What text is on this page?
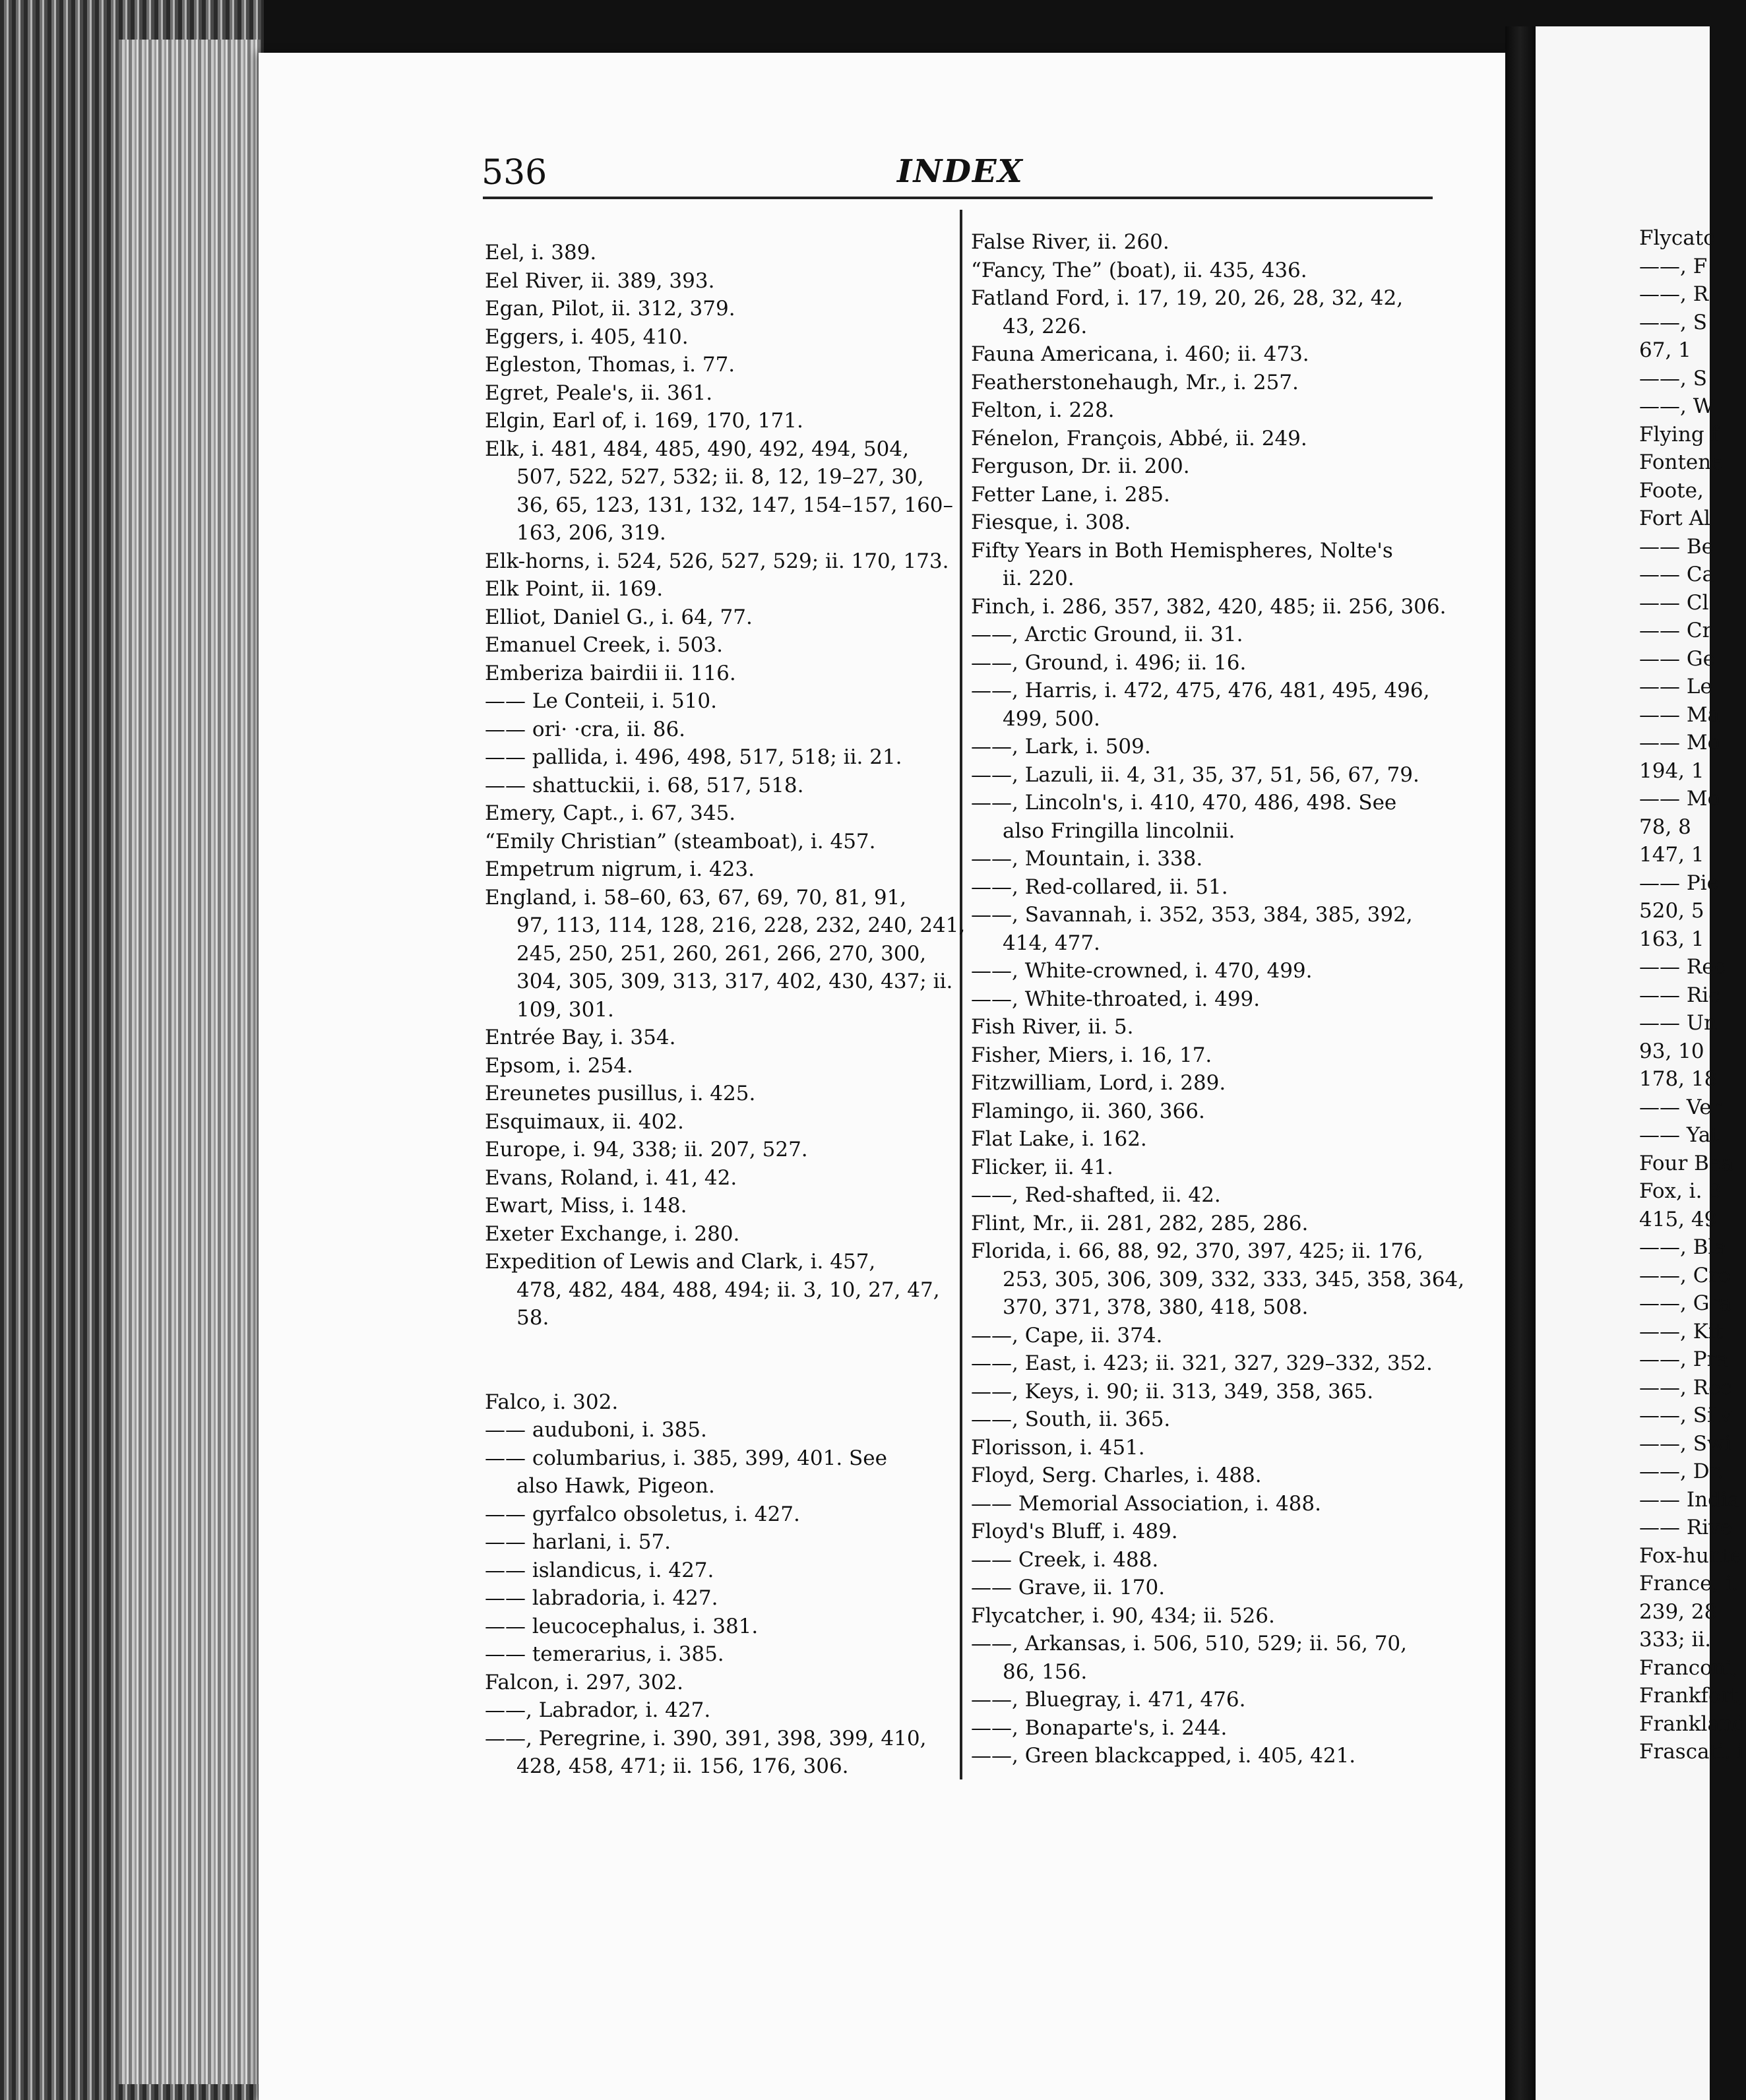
536	INDEX
Eel, i. 389.
Eel River, ii. 389, 393.
Egan, Pilot, ii. 312, 379.
Eggers, i. 405, 410.
Egleston, Thomas, i. 77.
Egret, Peale's, ii. 361.
Elgin, Earl of, i. 169, 170, 171.
Elk, i. 481, 484, 485, 490, 492, 494, 504,
507, 522, 527, 532; ii. 8, 12, 19–27, 30,
36, 65, 123, 131, 132, 147, 154–157, 160–
163, 206, 319.
Elk-horns, i. 524, 526, 527, 529; ii. 170, 173.
Elk Point, ii. 169.
Elliot, Daniel G., i. 64, 77.
Emanuel Creek, i. 503.
Emberiza bairdii ii. 116.
—— Le Conteii, i. 510.
—— ori· ·cra, ii. 86.
—— pallida, i. 496, 498, 517, 518; ii. 21.
—— shattuckii, i. 68, 517, 518.
Emery, Capt., i. 67, 345.
“Emily Christian” (steamboat), i. 457.
Empetrum nigrum, i. 423.
England, i. 58–60, 63, 67, 69, 70, 81, 91,
97, 113, 114, 128, 216, 228, 232, 240, 241,
245, 250, 251, 260, 261, 266, 270, 300,
304, 305, 309, 313, 317, 402, 430, 437; ii.
109, 301.
Entrée Bay, i. 354.
Epsom, i. 254.
Ereunetes pusillus, i. 425.
Esquimaux, ii. 402.
Europe, i. 94, 338; ii. 207, 527.
Evans, Roland, i. 41, 42.
Ewart, Miss, i. 148.
Exeter Exchange, i. 280.
Expedition of Lewis and Clark, i. 457,
478, 482, 484, 488, 494; ii. 3, 10, 27, 47,
58.
Falco, i. 302.
—— auduboni, i. 385.
—— columbarius, i. 385, 399, 401. See
also Hawk, Pigeon.
—— gyrfalco obsoletus, i. 427.
—— harlani, i. 57.
—— islandicus, i. 427.
—— labradoria, i. 427.
—— leucocephalus, i. 381.
—— temerarius, i. 385.
Falcon, i. 297, 302.
——, Labrador, i. 427.
——, Peregrine, i. 390, 391, 398, 399, 410,
428, 458, 471; ii. 156, 176, 306.
False River, ii. 260.
“Fancy, The” (boat), ii. 435, 436.
Fatland Ford, i. 17, 19, 20, 26, 28, 32, 42,
43, 226.
Fauna Americana, i. 460; ii. 473.
Featherstonehaugh, Mr., i. 257.
Felton, i. 228.
Fénelon, François, Abbé, ii. 249.
Ferguson, Dr. ii. 200.
Fetter Lane, i. 285.
Fiesque, i. 308.
Fifty Years in Both Hemispheres, Nolte's
ii. 220.
Finch, i. 286, 357, 382, 420, 485; ii. 256, 306.
——, Arctic Ground, ii. 31.
——, Ground, i. 496; ii. 16.
——, Harris, i. 472, 475, 476, 481, 495, 496,
499, 500.
——, Lark, i. 509.
——, Lazuli, ii. 4, 31, 35, 37, 51, 56, 67, 79.
——, Lincoln's, i. 410, 470, 486, 498. See
also Fringilla lincolnii.
——, Mountain, i. 338.
——, Red-collared, ii. 51.
——, Savannah, i. 352, 353, 384, 385, 392,
414, 477.
——, White-crowned, i. 470, 499.
——, White-throated, i. 499.
Fish River, ii. 5.
Fisher, Miers, i. 16, 17.
Fitzwilliam, Lord, i. 289.
Flamingo, ii. 360, 366.
Flat Lake, i. 162.
Flicker, ii. 41.
——, Red-shafted, ii. 42.
Flint, Mr., ii. 281, 282, 285, 286.
Florida, i. 66, 88, 92, 370, 397, 425; ii. 176,
253, 305, 306, 309, 332, 333, 345, 358, 364,
370, 371, 378, 380, 418, 508.
——, Cape, ii. 374.
——, East, i. 423; ii. 321, 327, 329–332, 352.
——, Keys, i. 90; ii. 313, 349, 358, 365.
——, South, ii. 365.
Florisson, i. 451.
Floyd, Serg. Charles, i. 488.
—— Memorial Association, i. 488.
Floyd's Bluff, i. 489.
—— Creek, i. 488.
—— Grave, ii. 170.
Flycatcher, i. 90, 434; ii. 526.
——, Arkansas, i. 506, 510, 529; ii. 56, 70,
86, 156.
——, Bluegray, i. 471, 476.
——, Bonaparte's, i. 244.
——, Green blackcapped, i. 405, 421.
Flycatc
——, F
——, R
——, S
67, 1
——, S
——, W
Flying f
Fontene
Foote,
Fort Al
—— Be
—— Ca
—— Cl
—— Cr
—— Ge
—— Le
—— Ma
—— Mo
194, 1
—— Mo
78, 8
147, 1
—— Pie
520, 5
163, 1
—— Rec
—— Ric
—— Un
93, 10
178, 18
—— Ver
—— Yat
Four Bea
Fox, i. 3
415, 49
——, Bla
——, Cro
——, Gra
——, Kit
——, Pra
——, Rec
——, Silv
——, Swi
——, Dr.
—— India
—— Rive
Fox-hunte
France, i.
239, 28
333; ii.
Franconi,
Frankfort,
Frankland
Frascati, i
